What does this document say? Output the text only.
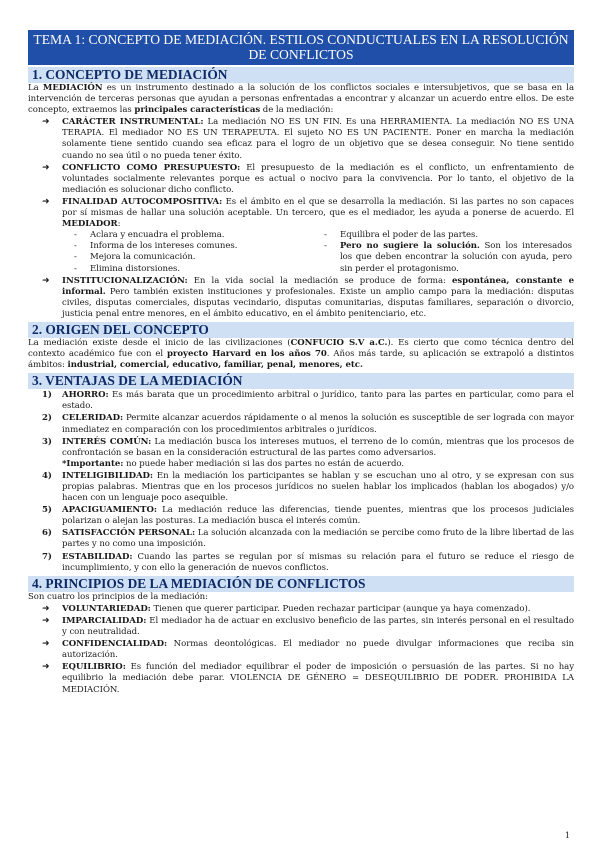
TEMA 1: CONCEPTO DE MEDIACIÓN. ESTILOS CONDUCTUALES EN LA RESOLUCIÓN DE CONFLICTOS
1. CONCEPTO DE MEDIACIÓN

La MEDIACIÓN es un instrumento destinado a la solución de los conflictos sociales e intersubjetivos, que se basa en la intervención de terceras personas que ayudan a personas enfrentadas a encontrar y alcanzar un acuerdo entre ellos. De este concepto, extraemos las principales características de la mediación:

➜ CARÁCTER INSTRUMENTAL: La mediación NO ES UN FIN. Es una HERRAMIENTA. La mediación NO ES UNA TERAPIA. El mediador NO ES UN TERAPEUTA. El sujeto NO ES UN PACIENTE. Poner en marcha la mediación solamente tiene sentido cuando sea eficaz para el logro de un objetivo que se desea conseguir. No tiene sentido cuando no sea útil o no pueda tener éxito.
➜ CONFLICTO COMO PRESUPUESTO: El presupuesto de la mediación es el conflicto, un enfrentamiento de voluntades socialmente relevantes porque es actual o nocivo para la convivencia. Por lo tanto, el objetivo de la mediación es solucionar dicho conflicto.
➜ FINALIDAD AUTOCOMPOSITIVA: Es el ámbito en el que se desarrolla la mediación. Si las partes no son capaces por sí mismas de hallar una solución aceptable. Un tercero, que es el mediador, les ayuda a ponerse de acuerdo. El MEDIADOR:
- Aclara y encuadra el problema.
- Informa de los intereses comunes.
- Mejora la comunicación.
- Elimina distorsiones.
- Equilibra el poder de las partes.
- Pero no sugiere la solución. Son los interesados los que deben encontrar la solución con ayuda, pero sin perder el protagonismo.
➜ INSTITUCIONALIZACIÓN: En la vida social la mediación se produce de forma: espontánea, constante e informal. Pero también existen instituciones y profesionales. Existe un amplio campo para la mediación: disputas civiles, disputas comerciales, disputas vecindario, disputas comunitarias, disputas familiares, separación o divorcio, justicia penal entre menores, en el ámbito educativo, en el ámbito penitenciario, etc.
2. ORIGEN DEL CONCEPTO

La mediación existe desde el inicio de las civilizaciones (CONFUCIO S.V a.C.). Es cierto que como técnica dentro del contexto académico fue con el proyecto Harvard en los años 70. Años más tarde, su aplicación se extrapoló a distintos ámbitos: industrial, comercial, educativo, familiar, penal, menores, etc.

3. VENTAJAS DE LA MEDIACIÓN
1) AHORRO: Es más barata que un procedimiento arbitral o jurídico, tanto para las partes en particular, como para el estado.
2) CELERIDAD: Permite alcanzar acuerdos rápidamente o al menos la solución es susceptible de ser lograda con mayor inmediatez en comparación con los procedimientos arbitrales o jurídicos.
3) INTERÉS COMÚN: La mediación busca los intereses mutuos, el terreno de lo común, mientras que los procesos de confrontación se basan en la consideración estructural de las partes como adversarios.
*Importante: no puede haber mediación si las dos partes no están de acuerdo.
4) INTELIGIBILIDAD: En la mediación los participantes se hablan y se escuchan uno al otro, y se expresan con sus propias palabras. Mientras que en los procesos jurídicos no suelen hablar los implicados (hablan los abogados) y/o hacen con un lenguaje poco asequible.
5) APACIGUAMIENTO: La mediación reduce las diferencias, tiende puentes, mientras que los procesos judiciales polarizan o alejan las posturas. La mediación busca el interés común.
6) SATISFACCIÓN PERSONAL: La solución alcanzada con la mediación se percibe como fruto de la libre libertad de las partes y no como una imposición.
7) ESTABILIDAD: Cuando las partes se regulan por sí mismas su relación para el futuro se reduce el riesgo de incumplimiento, y con ello la generación de nuevos conflictos.
4. PRINCIPIOS DE LA MEDIACIÓN DE CONFLICTOS

Son cuatro los principios de la mediación:

➜ VOLUNTARIEDAD: Tienen que querer participar. Pueden rechazar participar (aunque ya haya comenzado).
➜ IMPARCIALIDAD: El mediador ha de actuar en exclusivo beneficio de las partes, sin interés personal en el resultado y con neutralidad.
➜ CONFIDENCIALIDAD: Normas deontológicas. El mediador no puede divulgar informaciones que reciba sin autorización.
➜ EQUILIBRIO: Es función del mediador equilibrar el poder de imposición o persuasión de las partes. Si no hay equilibrio la mediación debe parar. VIOLENCIA DE GÉNERO = DESEQUILIBRIO DE PODER. PROHIBIDA LA MEDIACIÓN.
1
